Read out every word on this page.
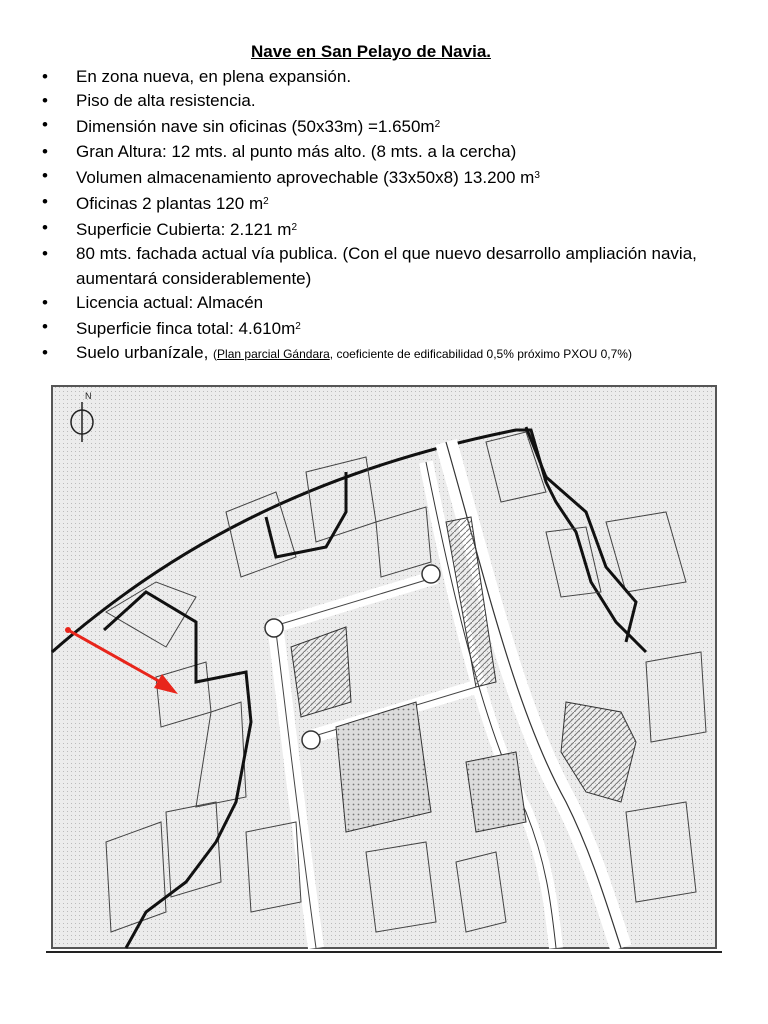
Nave en San Pelayo de Navia.
• En zona nueva, en plena expansión.
• Piso de alta resistencia.
• Dimensión nave sin oficinas $(50x33m) =1.650m^2$
• Gran Altura: 12 mts. al punto más alto. (8 mts. a la cercha)
• Volumen almacenamiento aprovechable (33x50x8) 13.200 $m^3$
• Oficinas 2 plantas 120 $m^2$
• Superficie Cubierta: 2.121 $m^2$
• 80 mts. fachada actual vía publica. (Con el que nuevo desarrollo ampliación navia, aumentará considerablemente)
• Licencia actual: Almacén
• Superficie finca total: $4.610m^2$
• Suelo urbanízale, (Plan parcial Gándara, coeficiente de edificabilidad 0,5% próximo PXOU 0,7%)
N
